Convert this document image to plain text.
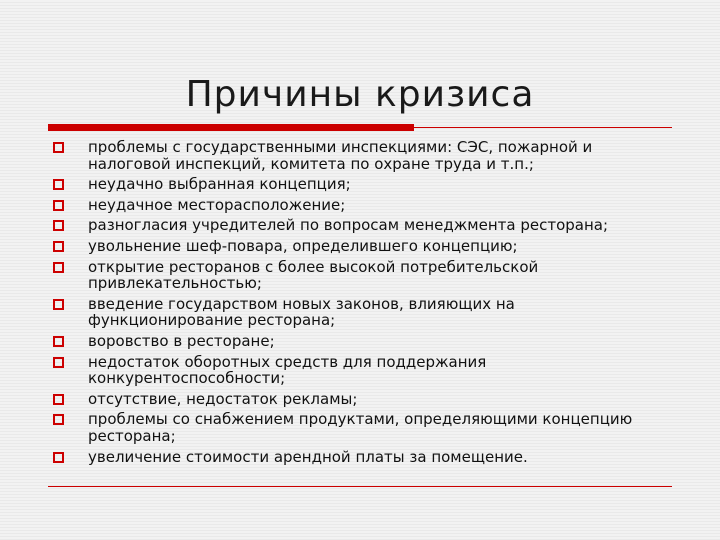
Причины кризиса
проблемы с государственными инспекциями: СЭС, пожарной и налоговой инспекций, комитета по охране труда и т.п.;
неудачно выбранная концепция;
неудачное месторасположение;
разногласия учредителей по вопросам менеджмента ресторана;
увольнение шеф-повара, определившего концепцию;
открытие ресторанов с более высокой потребительской привлекательностью;
введение государством новых законов, влияющих на функционирование ресторана;
воровство в ресторане;
недостаток оборотных средств для поддержания конкурентоспособности;
отсутствие, недостаток рекламы;
проблемы со снабжением продуктами, определяющими концепцию ресторана;
увеличение стоимости арендной платы за помещение.
